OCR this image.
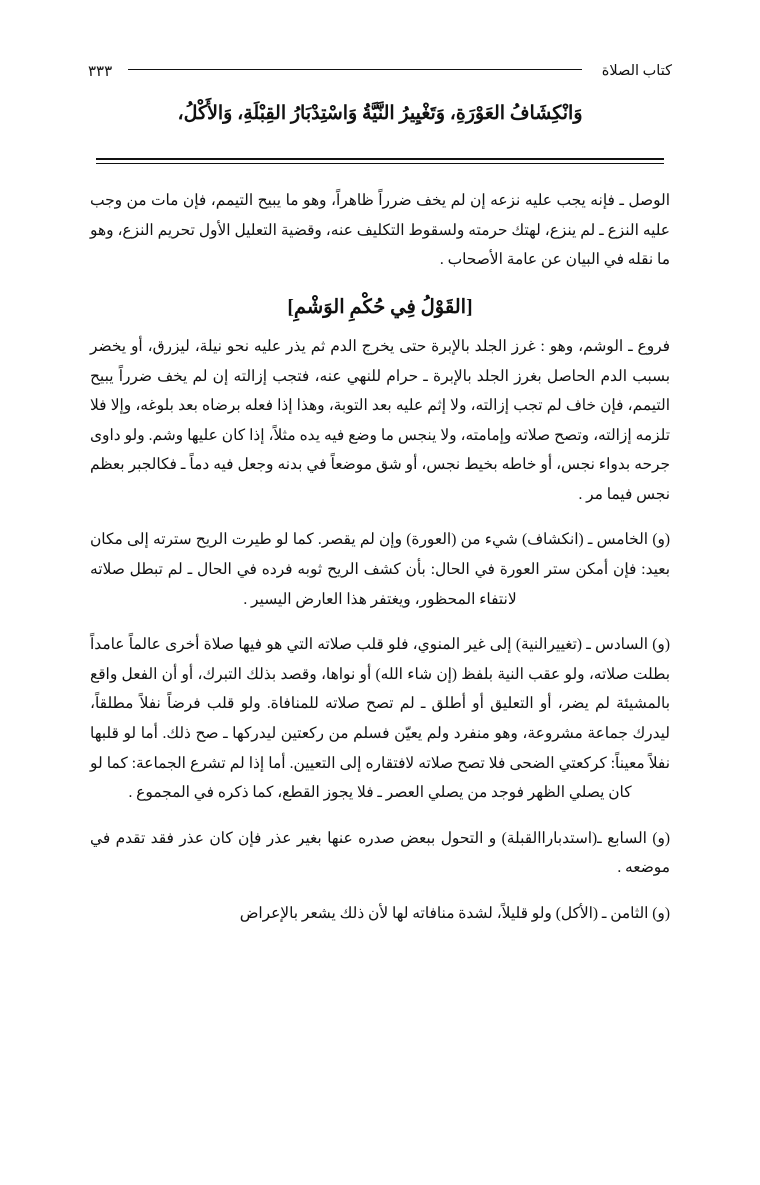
كتاب الصلاة
٣٣٣
وَانْكِشَافُ العَوْرَةِ، وَتَغْيِيرُ النَّيَّةُ وَاسْتِدْبَارُ القِبْلَةِ، وَالأَكْلُ،

الوصل ـ فإنه يجب عليه نزعه إن لم يخف ضرراً ظاهراً، وهو ما يبيح التيمم، فإن مات من وجب عليه النزع ـ لم ينزع، لهتك حرمته ولسقوط التكليف عنه، وقضية التعليل الأول تحريم النزع، وهو ما نقله في البيان عن عامة الأصحاب .

[القَوْلُ فِي حُكْمِ الوَشْمِ]

فروع ـ الوشم، وهو : غرز الجلد بالإبرة حتى يخرج الدم ثم يذر عليه نحو نيلة، ليزرق، أو يخضر بسبب الدم الحاصل بغرز الجلد بالإبرة ـ حرام للنهي عنه، فتجب إزالته إن لم يخف ضرراً يبيح التيمم، فإن خاف لم تجب إزالته، ولا إثم عليه بعد التوبة، وهذا إذا فعله برضاه بعد بلوغه، وإلا فلا تلزمه إزالته، وتصح صلاته وإمامته، ولا ينجس ما وضع فيه يده مثلاً، إذا كان عليها وشم. ولو داوى جرحه بدواء نجس، أو خاطه بخيط نجس، أو شق موضعاً في بدنه وجعل فيه دماً ـ فكالجبر بعظم نجس فيما مر .

(و) الخامس ـ (انكشاف) شيء من (العورة) وإن لم يقصر. كما لو طيرت الريح سترته إلى مكان بعيد: فإن أمكن ستر العورة في الحال: بأن كشف الريح ثوبه فرده في الحال ـ لم تبطل صلاته لانتفاء المحظور، ويغتفر هذا العارض اليسير .

(و) السادس ـ (تغييرالنية) إلى غير المنوي، فلو قلب صلاته التي هو فيها صلاة أخرى عالماً عامداً بطلت صلاته، ولو عقب النية بلفظ (إن شاء الله) أو نواها، وقصد بذلك التبرك، أو أن الفعل واقع بالمشيئة لم يضر، أو التعليق أو أطلق ـ لم تصح صلاته للمنافاة. ولو قلب فرضاً نفلاً مطلقاً، ليدرك جماعة مشروعة، وهو منفرد ولم يعيّن فسلم من ركعتين ليدركها ـ صح ذلك. أما لو قلبها نفلاً معيناً: كركعتي الضحى فلا تصح صلاته لافتقاره إلى التعيين. أما إذا لم تشرع الجماعة: كما لو كان يصلي الظهر فوجد من يصلي العصر ـ فلا يجوز القطع، كما ذكره في المجموع .

(و) السابع ـ(استدباراالقبلة) و التحول ببعض صدره عنها بغير عذر فإن كان عذر فقد تقدم في موضعه .

(و) الثامن ـ (الأكل) ولو قليلاً، لشدة منافاته لها لأن ذلك يشعر بالإعراض
